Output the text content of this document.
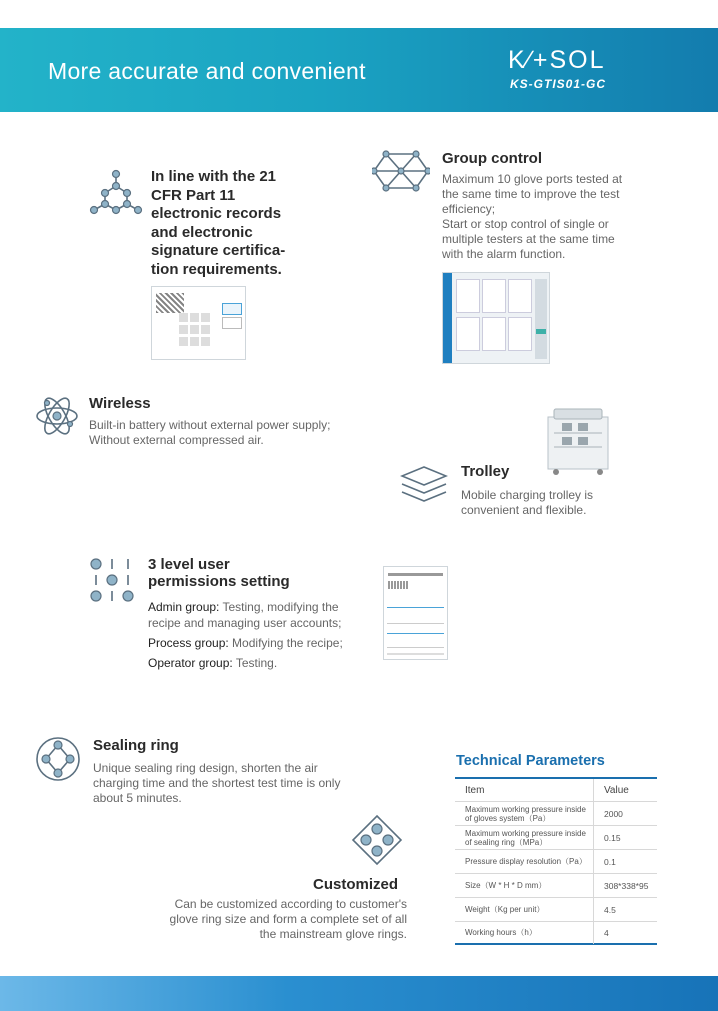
More accurate and convenient	K∕+SOL
KS-GTIS01-GC
In line with the 21
CFR Part 11
electronic records
and electronic
signature certifica-
tion requirements.
Group control
Maximum 10 glove ports tested at
the same time to improve the test
efficiency;
Start or stop control of single or
multiple testers at the same time
with the alarm function.
Wireless
Built-in battery without external power supply;
Without external compressed air.
Trolley
Mobile charging trolley is
convenient and flexible.
3 level user
permissions setting
Admin group: Testing, modifying the
recipe and managing user accounts;
Process group: Modifying the recipe;
Operator group: Testing.
Sealing ring
Unique sealing ring design, shorten the air
charging time and the shortest test time is only
about 5 minutes.
Customized
Can be customized according to customer's
glove ring size and form a complete set of all
the mainstream glove rings.
Technical Parameters
Item	Value
Maximum working pressure inside of gloves system（Pa）	2000
Maximum working pressure inside of sealing ring（MPa）	0.15
Pressure display resolution（Pa）	0.1
Size（W * H * D mm）	308*338*95
Weight（Kg per unit）	4.5
Working hours（h）	4
